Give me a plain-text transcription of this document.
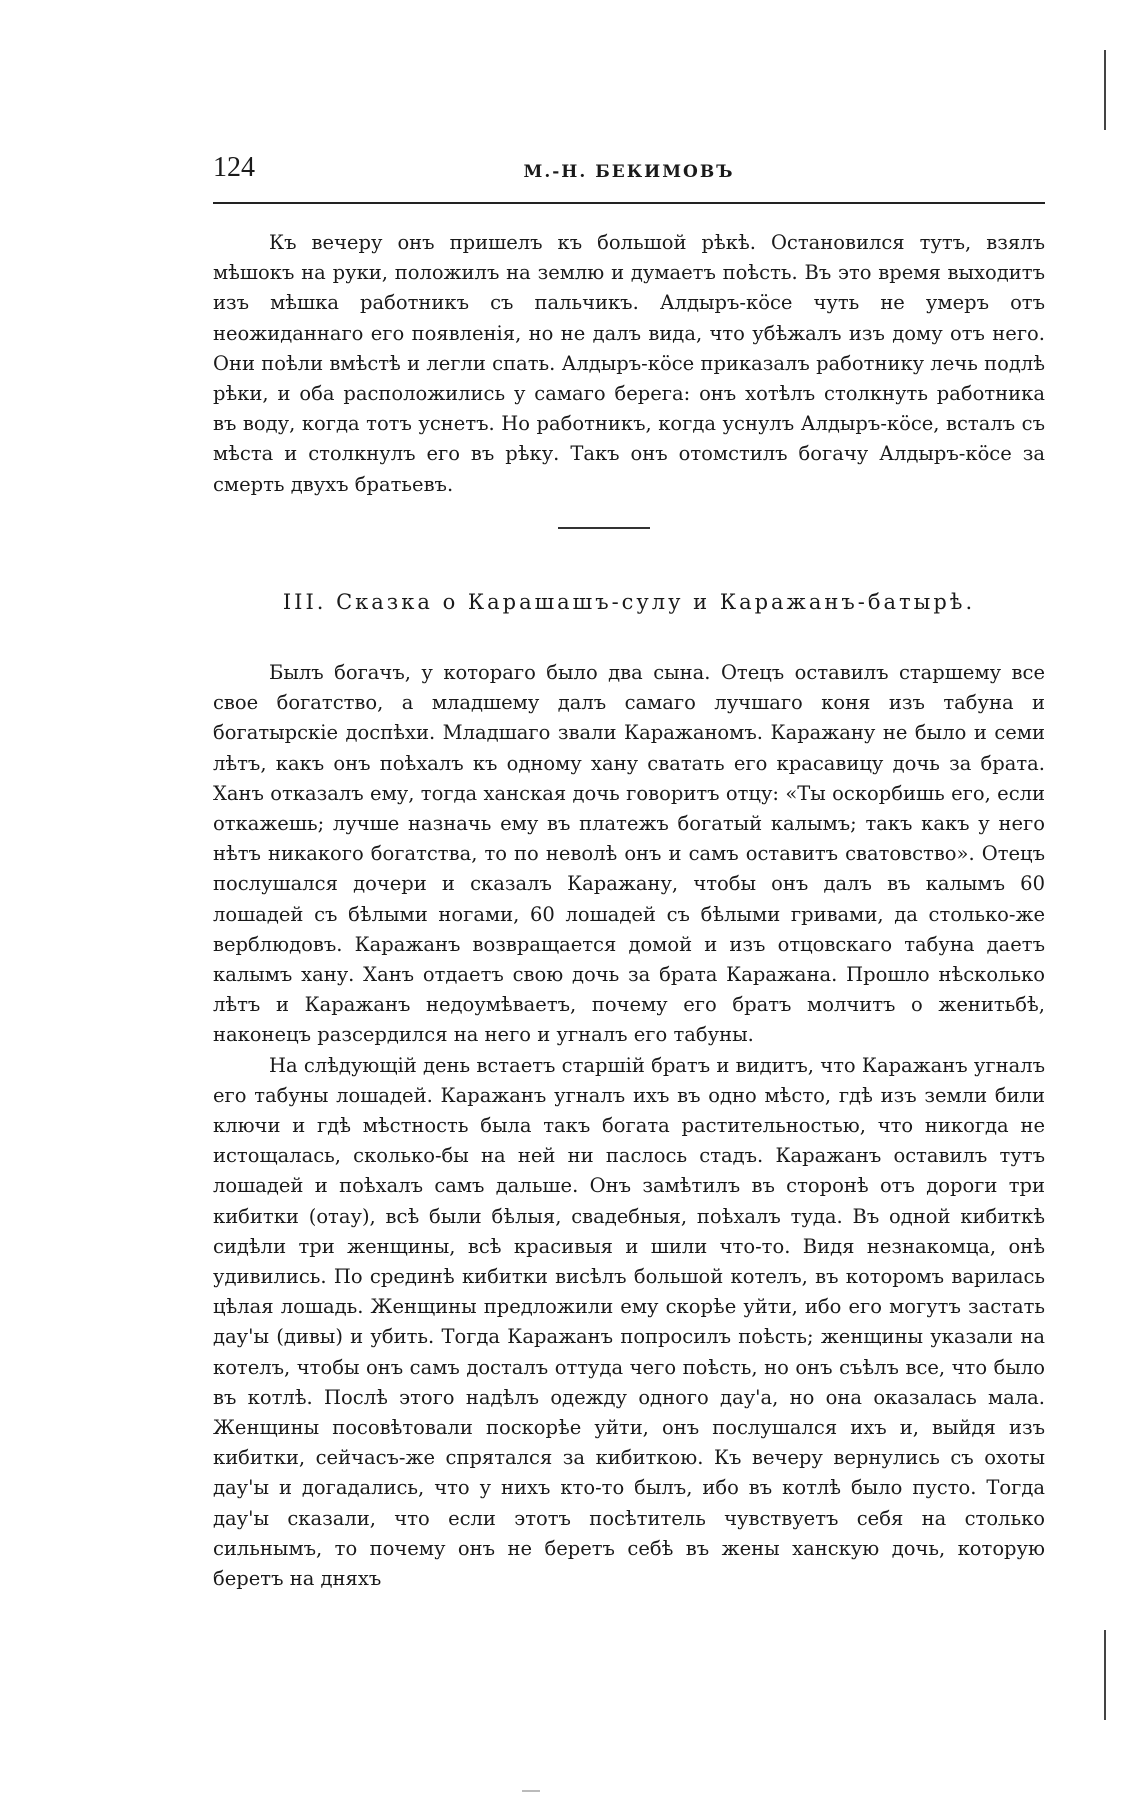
124	М.-Н. БЕКИМОВЪ

Къ вечеру онъ пришелъ къ большой рѣкѣ. Остановился тутъ, взялъ мѣшокъ на руки, положилъ на землю и думаетъ поѣсть. Въ это время выходитъ изъ мѣшка работникъ съ пальчикъ. Алдыръ-кöсе чуть не умеръ отъ неожиданнаго его появленія, но не далъ вида, что убѣжалъ изъ дому отъ него. Они поѣли вмѣстѣ и легли спать. Алдыръ-кöсе приказалъ работнику лечь подлѣ рѣки, и оба расположились у самаго берега: онъ хотѣлъ столкнуть работника въ воду, когда тотъ уснетъ. Но работникъ, когда уснулъ Алдыръ-кöсе, всталъ съ мѣста и столкнулъ его въ рѣку. Такъ онъ отомстилъ богачу Алдыръ-кöсе за смерть двухъ братьевъ.

III. Сказка о Карашашъ-сулу и Каражанъ-батырѣ.

Былъ богачъ, у котораго было два сына. Отецъ оставилъ старшему все свое богатство, а младшему далъ самаго лучшаго коня изъ табуна и богатырскіе доспѣхи. Младшаго звали Каражаномъ. Каражану не было и семи лѣтъ, какъ онъ поѣхалъ къ одному хану сватать его красавицу дочь за брата. Ханъ отказалъ ему, тогда ханская дочь говоритъ отцу: «Ты оскорбишь его, если откажешь; лучше назначь ему въ платежъ богатый калымъ; такъ какъ у него нѣтъ никакого богатства, то по неволѣ онъ и самъ оставитъ сватовство». Отецъ послушался дочери и сказалъ Каражану, чтобы онъ далъ въ калымъ 60 лошадей съ бѣлыми ногами, 60 лошадей съ бѣлыми гривами, да столько-же верблюдовъ. Каражанъ возвращается домой и изъ отцовскаго табуна даетъ калымъ хану. Ханъ отдаетъ свою дочь за брата Каражана. Прошло нѣсколько лѣтъ и Каражанъ недоумѣваетъ, почему его братъ молчитъ о женитьбѣ, наконецъ разсердился на него и угналъ его табуны.

На слѣдующій день встаетъ старшій братъ и видитъ, что Каражанъ угналъ его табуны лошадей. Каражанъ угналъ ихъ въ одно мѣсто, гдѣ изъ земли били ключи и гдѣ мѣстность была такъ богата растительностью, что никогда не истощалась, сколько-бы на ней ни паслось стадъ. Каражанъ оставилъ тутъ лошадей и поѣхалъ самъ дальше. Онъ замѣтилъ въ сторонѣ отъ дороги три кибитки (отау), всѣ были бѣлыя, свадебныя, поѣхалъ туда. Въ одной кибиткѣ сидѣли три женщины, всѣ красивыя и шили что-то. Видя незнакомца, онѣ удивились. По срединѣ кибитки висѣлъ большой котелъ, въ которомъ варилась цѣлая лошадь. Женщины предложили ему скорѣе уйти, ибо его могутъ застать дау'ы (дивы) и убить. Тогда Каражанъ попросилъ поѣсть; женщины указали на котелъ, чтобы онъ самъ досталъ оттуда чего поѣсть, но онъ съѣлъ все, что было въ котлѣ. Послѣ этого надѣлъ одежду одного дау'а, но она оказалась мала. Женщины посовѣтовали поскорѣе уйти, онъ послушался ихъ и, выйдя изъ кибитки, сейчасъ-же спрятался за кибиткою. Къ вечеру вернулись съ охоты дау'ы и догадались, что у нихъ кто-то былъ, ибо въ котлѣ было пусто. Тогда дау'ы сказали, что если этотъ посѣтитель чувствуетъ себя на столько сильнымъ, то почему онъ не беретъ себѣ въ жены ханскую дочь, которую беретъ на дняхъ
